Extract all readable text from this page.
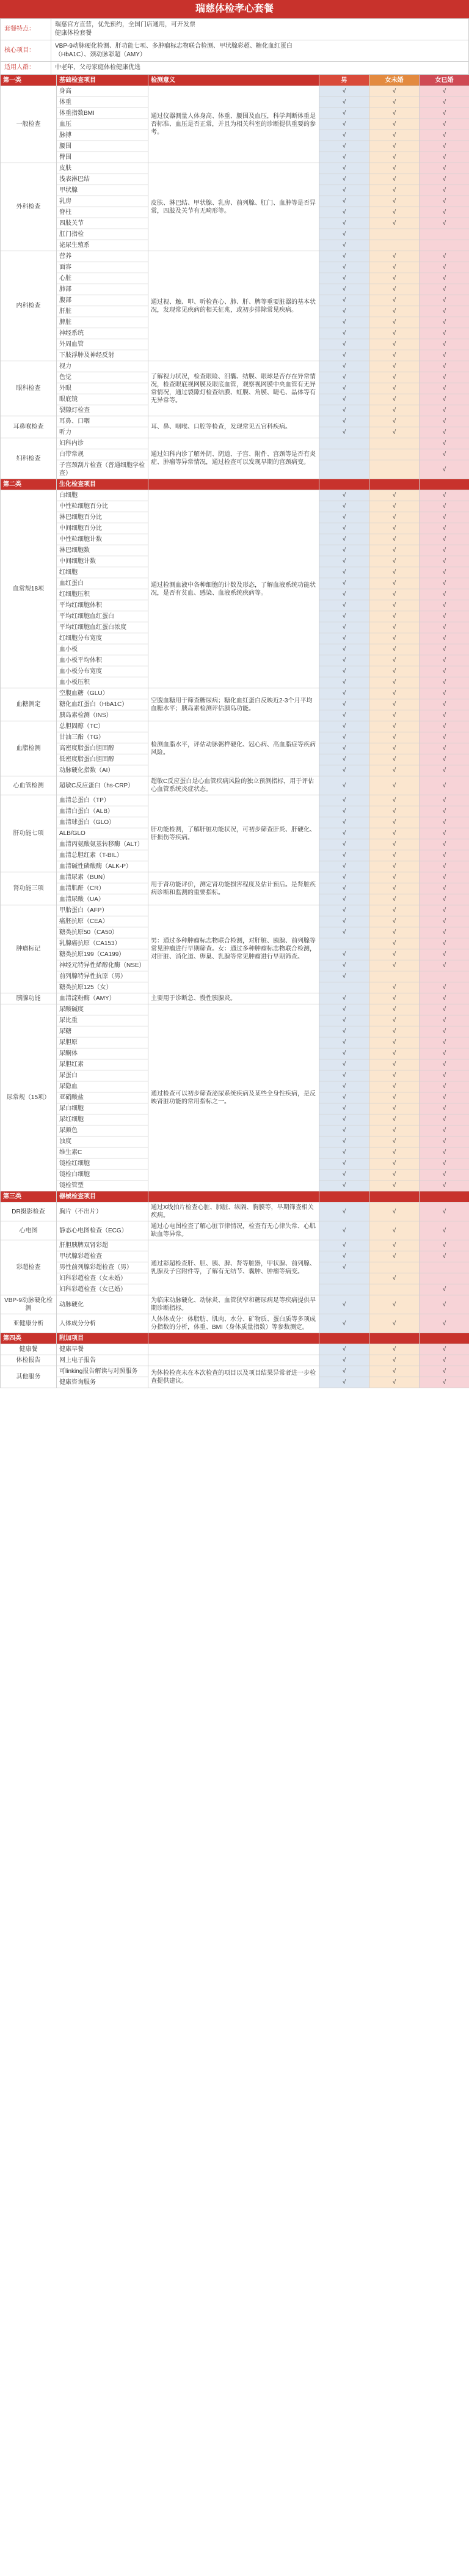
瑞慈体检孝心套餐
套餐特点：	瑞慈官方直营，优先预约，全国门店通用，可开发票
健康体检套餐
核心项目：	VBP-9动脉硬化检测、肝功能七项、多肿瘤标志物联合检测、甲状腺彩超、糖化血红蛋白
（HbA1C）、颈动脉彩超（AMY）
适用人群：	中老年，父母家庭体检健康优选
第一类	基础检查项目	检测意义	男	女未婚	女已婚
一般检查	身高	通过仪器测量人体身高、体重、腰围及血压，科学判断体重是否标准、血压是否正常，并且为相关科室的诊断提供重要的参考。	√	√	√
	体重		√	√	√
	体重指数BMI		√	√	√
	血压		√	√	√
	脉搏		√	√	√
	腰围		√	√	√
	臀围		√	√	√
外科检查	皮肤	皮肤、淋巴结、甲状腺、乳房、前列腺、肛门、血肿等是否异常，四肢及关节有无畸形等。	√	√	√
	浅表淋巴结		√	√	√
	甲状腺		√	√	√
	乳房		√	√	√
	脊柱		√	√	√
	四肢关节		√	√	√
	肛门指检		√		
	泌尿生殖系		√		
内科检查	营养	通过视、触、叩、听检查心、肺、肝、脾等重要脏器的基本状况，发现常见疾病的相关征兆，或初步排除常见疾病。	√	√	√
	面容		√	√	√
	心脏		√	√	√
	肺部		√	√	√
	腹部		√	√	√
	肝脏		√	√	√
	脾脏		√	√	√
	神经系统		√	√	√
	外周血管		√	√	√
	下肢浮肿及神经反射		√	√	√
眼科检查	视力	了解视力状况，检查眼睑、泪囊、结膜、眼球是否存在异常情况，检查眼底视网膜及眼底血管，观察视网膜中央血管有无异常情况，通过裂隙灯检查结膜、虹膜、角膜、睫毛、晶体等有无异常等。	√	√	√
	色觉		√	√	√
	外眼		√	√	√
	眼底镜		√	√	√
	裂隙灯检查		√	√	√
耳鼻喉检查	耳鼻、口咽	耳、鼻、咽喉、口腔等检查，发现常见五官科疾病。	√	√	√
	听力		√	√	√
妇科检查	妇科内诊	通过妇科内诊了解外阴、阴道、子宫、附件、宫颈等是否有炎症、肿瘤等异常情况，通过检查可以发现早期的宫颈病变。			√
	白带常规				√
	子宫颈刮片检查（普通细胞学检查）				√
第二类	生化检查项目				
血常规18项	白细胞	通过检测血液中各种细胞的计数及形态，了解血液系统功能状况，是否有贫血、感染、血液系统疾病等。	√	√	√
	中性粒细胞百分比		√	√	√
	淋巴细胞百分比		√	√	√
	中间细胞百分比		√	√	√
	中性粒细胞计数		√	√	√
	淋巴细胞数		√	√	√
	中间细胞计数		√	√	√
	红细胞		√	√	√
	血红蛋白		√	√	√
	红细胞压积		√	√	√
	平均红细胞体积		√	√	√
	平均红细胞血红蛋白		√	√	√
	平均红细胞血红蛋白浓度		√	√	√
	红细胞分布宽度		√	√	√
	血小板		√	√	√
	血小板平均体积		√	√	√
	血小板分布宽度		√	√	√
	血小板压积		√	√	√
血糖测定	空腹血糖（GLU）	空腹血糖用于筛查糖尿病；糖化血红蛋白反映近2-3个月平均血糖水平；胰岛素检测评估胰岛功能。	√	√	√
	糖化血红蛋白（HbA1C）		√	√	√
	胰岛素检测（INS）		√	√	√
血脂检测	总胆固醇（TC）	检测血脂水平，评估动脉粥样硬化、冠心病、高血脂症等疾病风险。	√	√	√
	甘油三酯（TG）		√	√	√
	高密度脂蛋白胆固醇		√	√	√
	低密度脂蛋白胆固醇		√	√	√
	动脉硬化指数（AI）		√	√	√
心血管检测	超敏C反应蛋白（hs-CRP）	超敏C反应蛋白是心血管疾病风险的独立预测指标，用于评估心血管系统炎症状态。	√	√	√
肝功能七项	血清总蛋白（TP）	肝功能检测，了解肝脏功能状况，可初步筛查肝炎、肝硬化、肝损伤等疾病。	√	√	√
	血清白蛋白（ALB）		√	√	√
	血清球蛋白（GLO）		√	√	√
	ALB/GLO		√	√	√
	血清丙氨酸氨基转移酶（ALT）		√	√	√
	血清总胆红素（T-BIL）		√	√	√
	血清碱性磷酸酶（ALK-P）		√	√	√
肾功能三项	血清尿素（BUN）	用于肾功能评价，测定肾功能损害程度及估计预后。是肾脏疾病诊断和监测的重要指标。	√	√	√
	血清肌酐（CR）		√	√	√
	血清尿酸（UA）		√	√	√
肿瘤标记	甲胎蛋白（AFP）	男：通过多种肿瘤标志物联合检测，对肝脏、胰腺、前列腺等常见肿瘤进行早期筛查。女：通过多种肿瘤标志物联合检测，对肝脏、消化道、卵巢、乳腺等常见肿瘤进行早期筛查。	√	√	√
	癌胚抗原（CEA）		√	√	√
	糖类抗原50（CA50）		√	√	√
	乳腺癌抗原（CA153）			√	√
	糖类抗原199（CA199）		√	√	√
	神经元特异性烯醇化酶（NSE）		√	√	√
	前列腺特异性抗原（男）		√		
	糖类抗原125（女）			√	√
胰腺功能	血清淀粉酶（AMY）	主要用于诊断急、慢性胰腺炎。	√	√	√
尿常规（15项）	尿酸碱度	通过检查可以初步筛查泌尿系统疾病及某些全身性疾病，是反映肾脏功能的常用指标之一。	√	√	√
	尿比重		√	√	√
	尿糖		√	√	√
	尿胆原		√	√	√
	尿酮体		√	√	√
	尿胆红素		√	√	√
	尿蛋白		√	√	√
	尿隐血		√	√	√
	亚硝酸盐		√	√	√
	尿白细胞		√	√	√
	尿红细胞		√	√	√
	尿颜色		√	√	√
	浊度		√	√	√
	维生素C		√	√	√
	镜检红细胞		√	√	√
	镜检白细胞		√	√	√
	镜检管型		√	√	√
第三类	器械检查项目				
DR摄影检查	胸片（不出片）	通过X线拍片检查心脏、肺脏、纵隔、胸膜等，早期筛查相关疾病。	√	√	√
心电图	静态心电图检查（ECG）	通过心电图检查了解心脏节律情况，检查有无心律失常、心肌缺血等异常。	√	√	√
彩超检查	肝胆胰脾双肾彩超	通过彩超检查肝、胆、胰、脾、肾等脏器，甲状腺、前列腺、乳腺及子宫附件等，了解有无结节、囊肿、肿瘤等病变。	√	√	√
	甲状腺彩超检查		√	√	√
	男性前列腺彩超检查（男）		√		
	妇科彩超检查（女未婚）			√	
	妇科彩超检查（女已婚）				√
VBP-9动脉硬化检测	动脉硬化	为临床动脉硬化、动脉炎、血管狭窄和糖尿病足等疾病提供早期诊断指标。	√	√	√
亚健康分析	人体成分分析	人体体成分：体脂肪、肌肉、水分、矿物质、蛋白质等多项成分指数的分析，体重、BMI（身体质量指数）等参数测定。	√	√	√
第四类	附加项目				
健康餐	健康早餐		√	√	√
体检报告	网上电子报告		√	√	√
其他服务	可linking报告解读与对照服务	为体检检查未在本次检查的项目以及项目结果异常者进一步检查提供建议。	√	√	√
	健康咨询服务		√	√	√
